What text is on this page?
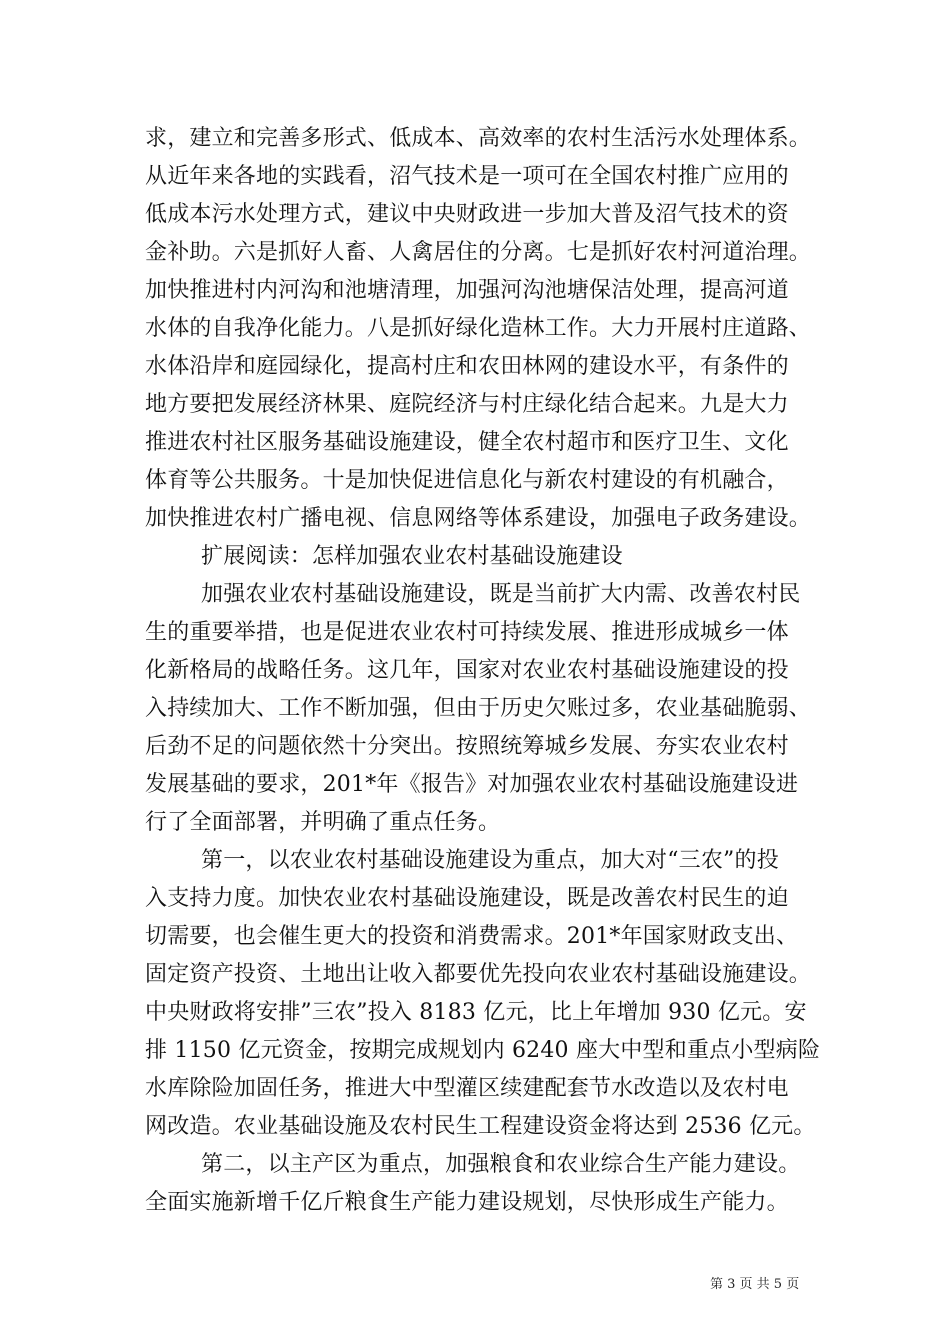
求，建立和完善多形式、低成本、高效率的农村生活污水处理体系。
从近年来各地的实践看，沼气技术是一项可在全国农村推广应用的
低成本污水处理方式，建议中央财政进一步加大普及沼气技术的资
金补助。六是抓好人畜、人禽居住的分离。七是抓好农村河道治理。
加快推进村内河沟和池塘清理，加强河沟池塘保洁处理，提高河道
水体的自我净化能力。八是抓好绿化造林工作。大力开展村庄道路、
水体沿岸和庭园绿化，提高村庄和农田林网的建设水平，有条件的
地方要把发展经济林果、庭院经济与村庄绿化结合起来。九是大力
推进农村社区服务基础设施建设，健全农村超市和医疗卫生、文化
体育等公共服务。十是加快促进信息化与新农村建设的有机融合，
加快推进农村广播电视、信息网络等体系建设，加强电子政务建设。
扩展阅读：怎样加强农业农村基础设施建设
加强农业农村基础设施建设，既是当前扩大内需、改善农村民
生的重要举措，也是促进农业农村可持续发展、推进形成城乡一体
化新格局的战略任务。这几年，国家对农业农村基础设施建设的投
入持续加大、工作不断加强，但由于历史欠账过多，农业基础脆弱、
后劲不足的问题依然十分突出。按照统筹城乡发展、夯实农业农村
发展基础的要求，201*年《报告》对加强农业农村基础设施建设进
行了全面部署，并明确了重点任务。
第一，以农业农村基础设施建设为重点，加大对“三农”的投
入支持力度。加快农业农村基础设施建设，既是改善农村民生的迫
切需要，也会催生更大的投资和消费需求。201*年国家财政支出、
固定资产投资、土地出让收入都要优先投向农业农村基础设施建设。
中央财政将安排”三农”投入 8183 亿元，比上年增加 930 亿元。安
排 1150 亿元资金，按期完成规划内 6240 座大中型和重点小型病险
水库除险加固任务，推进大中型灌区续建配套节水改造以及农村电
网改造。农业基础设施及农村民生工程建设资金将达到 2536 亿元。
第二，以主产区为重点，加强粮食和农业综合生产能力建设。
全面实施新增千亿斤粮食生产能力建设规划，尽快形成生产能力。
第 3 页 共 5 页
